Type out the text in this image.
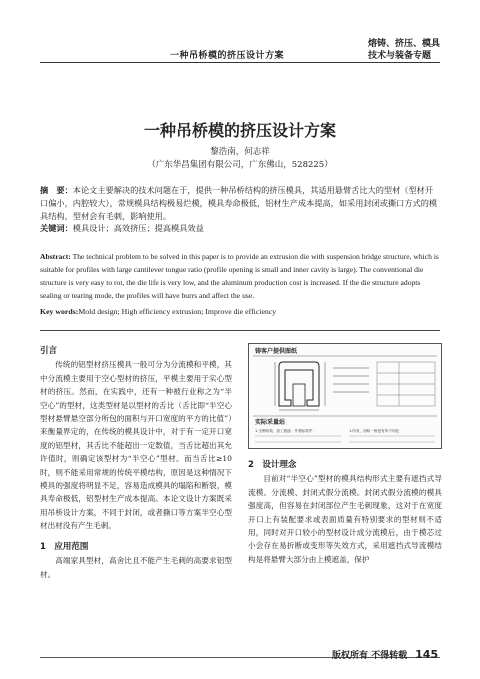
一种吊桥模的挤压设计方案
熔铸、挤压、模具
技术与装备专题
一种吊桥模的挤压设计方案
黎浩南，何志祥
（广东华昌集团有限公司，广东佛山，528225）
摘　要：本论文主要解决的技术问题在于，提供一种吊桥结构的挤压模具，其适用悬臂舌比大的型材（型材开口偏小，内腔较大），常规模具结构极易烂模，模具寿命极低，铝材生产成本提高，如采用封闭或撕口方式的模具结构，型材会有毛刺，影响使用。
关键词：模具设计；高效挤压；提高模具效益
Abstract: The technical problem to be solved in this paper is to provide an extrusion die with suspension bridge structure, which is suitable for profiles with large cantilever tongue ratio (profile opening is small and inner cavity is large). The conventional die structure is very easy to rot, the die life is very low, and the aluminum production cost is increased. If the die structure adopts sealing or tearing mode, the profiles will have burrs and affect the use.
Key words:Mold design; High efficiency extrusion; Improve die efficiency
引言

传统的铝型材挤压模具一般可分为分流模和平模，其中分流模主要用于空心型材的挤压，平模主要用于实心型材的挤压。然而，在实践中，还有一种被行业称之为“半空心”的型材，这类型材是以型材的舌比（舌比即“半空心型材悬臂悬空部分所包的面积与开口宽度的平方的比值”）来衡量界定的，在传统的模具设计中，对于有一定开口宽度的铝型材，其舌比不能超出一定数值，当舌比超出其允许值时，则确定该型材为“半空心”型材。而当舌比≥10时，则不能采用常规的传统平模结构，原因是这种情况下模具的强度将明显不足，容易造成模具的塌陷和断裂，模具寿命极低，铝型材生产成本提高。本论文设计方案既采用吊桥设计方案，不同于封闭，或者撕口等方案半空心型材出材没有产生毛刺。

1　应用范围

高端家具型材，高舍比且不能产生毛刺的高要求铝型材。

铸客户提供图纸
实际采量站
1.全钢结构，加工数值：外观标准件：	1.所有，面积一般是有所不同处：
2　设计理念

目前对“半空心”型材的模具结构形式主要有遮挡式导流模、分流模、封闭式假分流模。封闭式假分流模的模具强度高，但容易在封闭部位产生毛刺现象，这对于在宽度开口上有装配要求或表面质量有特别要求的型材则不适用，同时对开口较小的型材设计成分流模后，由于模芯过小会存在易折断或变形等失效方式，采用遮挡式导流模结构是将悬臂大部分由上模遮盖，保护

版权所有 不得转载 145
